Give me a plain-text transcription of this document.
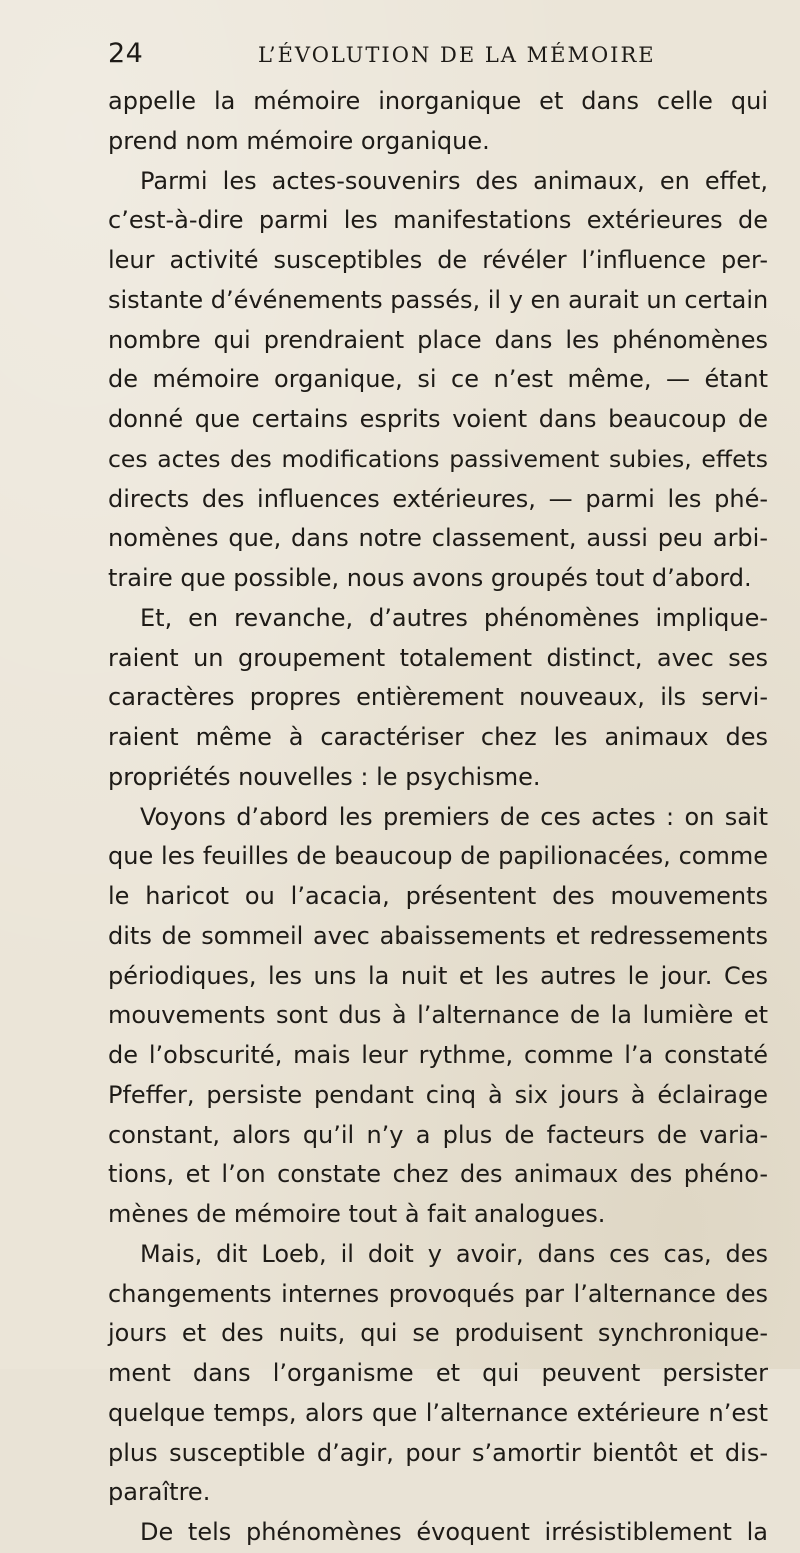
24	L’ÉVOLUTION DE LA MÉMOIRE
appelle la mémoire inorganique et dans celle qui
prend nom mémoire organique.
Parmi les actes-souvenirs des animaux, en effet,
c’est-à-dire parmi les manifestations extérieures de
leur activité susceptibles de révéler l’influence per-
sistante d’événements passés, il y en aurait un certain
nombre qui prendraient place dans les phénomènes
de mémoire organique, si ce n’est même, — étant
donné que certains esprits voient dans beaucoup de
ces actes des modifications passivement subies, effets
directs des influences extérieures, — parmi les phé-
nomènes que, dans notre classement, aussi peu arbi-
traire que possible, nous avons groupés tout d’abord.
Et, en revanche, d’autres phénomènes implique-
raient un groupement totalement distinct, avec ses
caractères propres entièrement nouveaux, ils servi-
raient même à caractériser chez les animaux des
propriétés nouvelles : le psychisme.
Voyons d’abord les premiers de ces actes : on sait
que les feuilles de beaucoup de papilionacées, comme
le haricot ou l’acacia, présentent des mouvements
dits de sommeil avec abaissements et redressements
périodiques, les uns la nuit et les autres le jour. Ces
mouvements sont dus à l’alternance de la lumière et
de l’obscurité, mais leur rythme, comme l’a constaté
Pfeffer, persiste pendant cinq à six jours à éclairage
constant, alors qu’il n’y a plus de facteurs de varia-
tions, et l’on constate chez des animaux des phéno-
mènes de mémoire tout à fait analogues.
Mais, dit Loeb, il doit y avoir, dans ces cas, des
changements internes provoqués par l’alternance des
jours et des nuits, qui se produisent synchronique-
ment dans l’organisme et qui peuvent persister
quelque temps, alors que l’alternance extérieure n’est
plus susceptible d’agir, pour s’amortir bientôt et dis-
paraître.
De tels phénomènes évoquent irrésistiblement la
